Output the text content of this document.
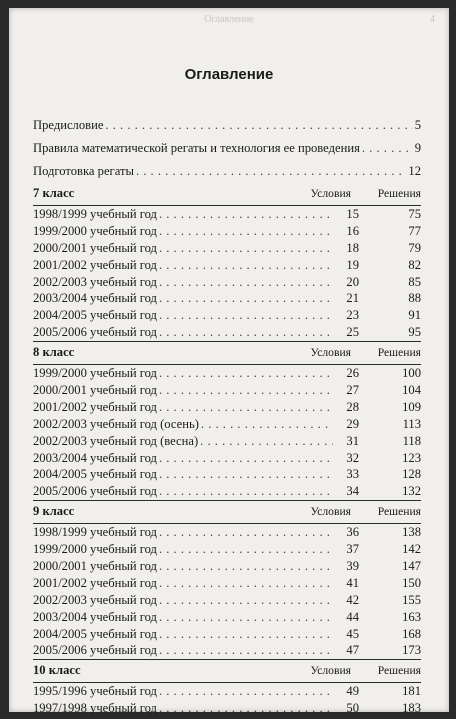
Оглавление	4
Оглавление
Предисловие . . .	5
Правила математической регаты и технология ее проведения . . .	9
Подготовка регаты . . .	12
7 класс	Условия	Решения
1998/1999 учебный год . . .	15	75
1999/2000 учебный год . . .	16	77
2000/2001 учебный год . . .	18	79
2001/2002 учебный год . . .	19	82
2002/2003 учебный год . . .	20	85
2003/2004 учебный год . . .	21	88
2004/2005 учебный год . . .	23	91
2005/2006 учебный год . . .	25	95
8 класс	Условия	Решения
1999/2000 учебный год . . .	26	100
2000/2001 учебный год . . .	27	104
2001/2002 учебный год . . .	28	109
2002/2003 учебный год (осень) . . .	29	113
2002/2003 учебный год (весна) . . .	31	118
2003/2004 учебный год . . .	32	123
2004/2005 учебный год . . .	33	128
2005/2006 учебный год . . .	34	132
9 класс	Условия	Решения
1998/1999 учебный год . . .	36	138
1999/2000 учебный год . . .	37	142
2000/2001 учебный год . . .	39	147
2001/2002 учебный год . . .	41	150
2002/2003 учебный год . . .	42	155
2003/2004 учебный год . . .	44	163
2004/2005 учебный год . . .	45	168
2005/2006 учебный год . . .	47	173
10 класс	Условия	Решения
1995/1996 учебный год . . .	49	181
1997/1998 учебный год . . .	50	183
